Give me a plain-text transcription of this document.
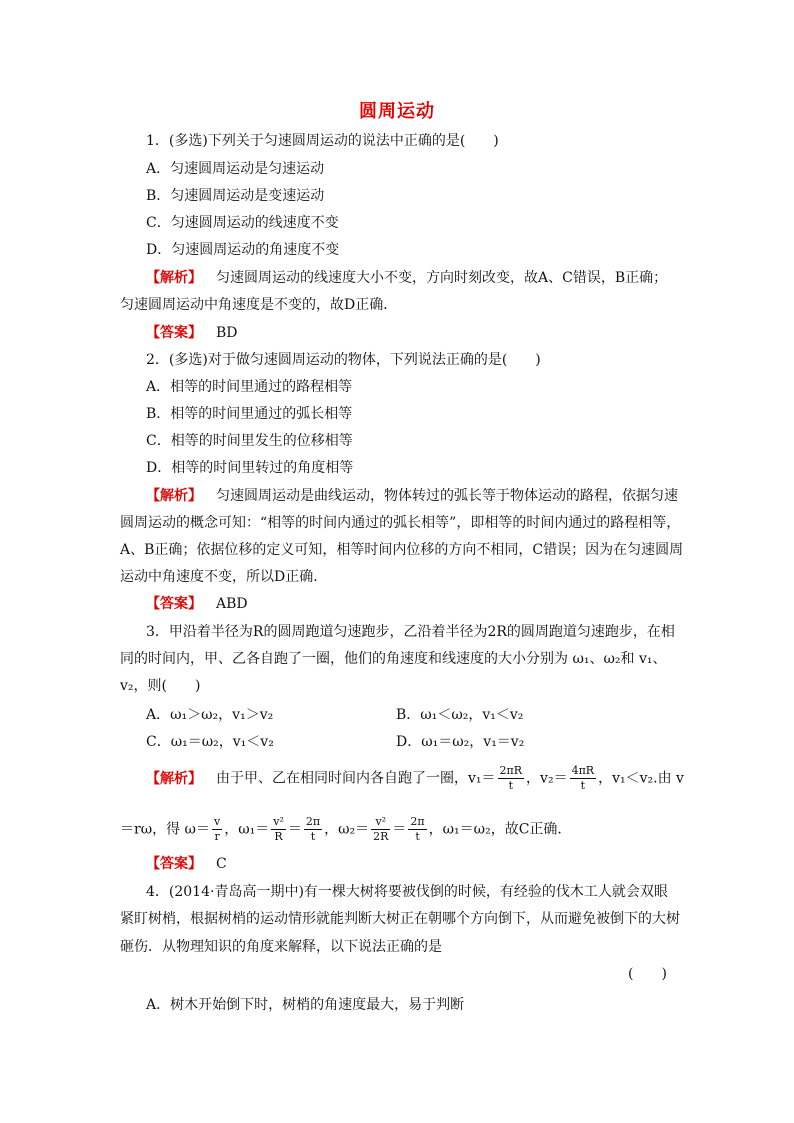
圆周运动
1．(多选)下列关于匀速圆周运动的说法中正确的是(　　)
A．匀速圆周运动是匀速运动
B．匀速圆周运动是变速运动
C．匀速圆周运动的线速度不变
D．匀速圆周运动的角速度不变
【解析】 匀速圆周运动的线速度大小不变，方向时刻改变，故A、C错误，B正确；
匀速圆周运动中角速度是不变的，故D正确．
【答案】 BD
2．(多选)对于做匀速圆周运动的物体，下列说法正确的是(　　)
A．相等的时间里通过的路程相等
B．相等的时间里通过的弧长相等
C．相等的时间里发生的位移相等
D．相等的时间里转过的角度相等
【解析】 匀速圆周运动是曲线运动，物体转过的弧长等于物体运动的路程，依据匀速
圆周运动的概念可知：“相等的时间内通过的弧长相等”，即相等的时间内通过的路程相等，
A、B正确；依据位移的定义可知，相等时间内位移的方向不相同，C错误；因为在匀速圆周
运动中角速度不变，所以D正确．
【答案】 ABD
3．甲沿着半径为R的圆周跑道匀速跑步，乙沿着半径为2R的圆周跑道匀速跑步，在相
同的时间内，甲、乙各自跑了一圈，他们的角速度和线速度的大小分别为 ω₁、ω₂和 v₁、
v₂，则(　　)
A．ω₁＞ω₂，v₁＞v₂	B．ω₁＜ω₂，v₁＜v₂
C．ω₁＝ω₂，v₁＜v₂	D．ω₁＝ω₂，v₁＝v₂
【解析】 由于甲、乙在相同时间内各自跑了一圈，$v_1= \frac{2\pi R}{t}$ ，$v_2= \frac{4\pi R}{t}$ ，v₁＜v₂.由 v
＝rω，得 $\omega= \frac{v}{r}$ ，$\omega_1= \frac{\text{v²}}{R} = \frac{2\pi}{t}$ ，$\omega_2= \frac{\text{v²}}{2R} = \frac{2\pi}{t}$ ，ω₁＝ω₂，故C正确．
【答案】 C
4．(2014·青岛高一期中)有一棵大树将要被伐倒的时候，有经验的伐木工人就会双眼
紧盯树梢，根据树梢的运动情形就能判断大树正在朝哪个方向倒下，从而避免被倒下的大树
砸伤．从物理知识的角度来解释，以下说法正确的是
(　　)
A．树木开始倒下时，树梢的角速度最大，易于判断
